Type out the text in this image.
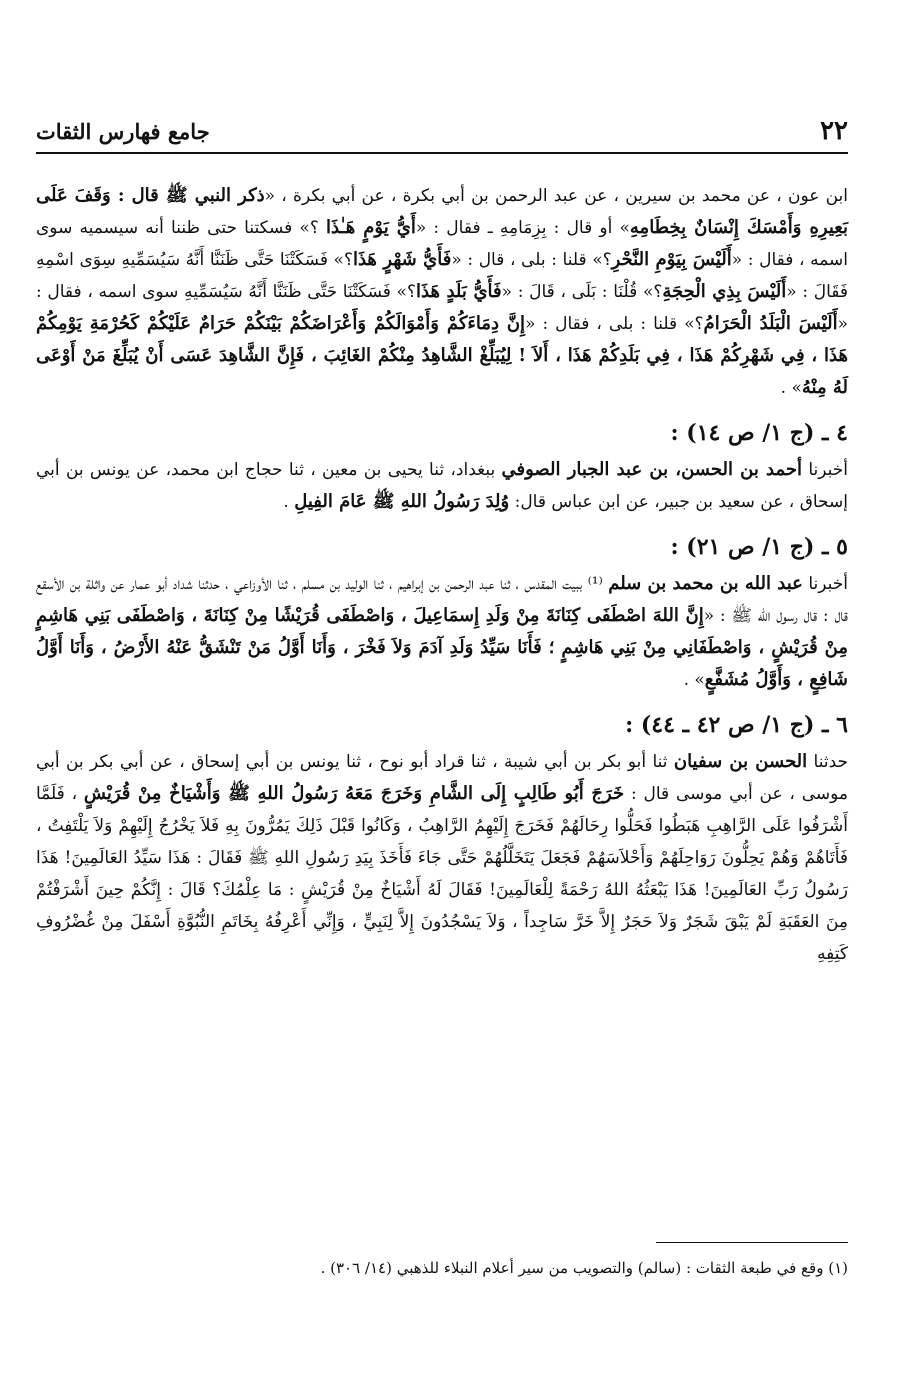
٢٢
جامع فهارس الثقات

ابن عون ، عن محمد بن سيرين ، عن عبد الرحمن بن أبي بكرة ، عن أبي بكرة ، «ذكر النبي ﷺ قال : وَقَفَ عَلَى بَعِيرِهِ وَأَمْسَكَ إِنْسَانٌ بِخِطَامِهِ» أو قال : بِزِمَامِهِ ـ فقال : «أَيُّ يَوْمٍ هَـٰذَا ؟» فسكتنا حتى ظننا أنه سيسميه سوى اسمه ، فقال : «أَلَيْسَ بِيَوْمِ النَّحْرِ؟» قلنا : بلى ، قال : «فَأَيُّ شَهْرٍ هَذَا؟» فَسَكَتْنَا حَتَّى ظَنَنَّا أَنَّهُ سَيُسَمِّيهِ سِوَى اسْمِهِ فَقَالَ : «أَلَيْسَ بِذِي الْحِجَةِ؟» قُلْنَا : بَلَى ، قَالَ : «فَأَيُّ بَلَدٍ هَذَا؟» فَسَكَتْنَا حَتَّى ظَنَنَّا أَنَّهُ سَيُسَمِّيهِ سوى اسمه ، فقال : «أَلَيْسَ الْبَلَدُ الْحَرَامُ؟» قلنا : بلى ، فقال : «إِنَّ دِمَاءَكُمْ وَأَمْوَالَكُمْ وَأَعْرَاضَكُمْ بَيْنَكُمْ حَرَامٌ عَلَيْكُمْ كَحُرْمَةِ يَوْمِكُمْ هَذَا ، فِي شَهْرِكُمْ هَذَا ، فِي بَلَدِكُمْ هَذَا ، أَلاَ ! لِيُبَلِّغْ الشَّاهِدُ مِنْكُمْ الغَائِبَ ، فَإِنَّ الشَّاهِدَ عَسَى أَنْ يُبَلِّغَ مَنْ أَوْعَى لَهُ مِنْهُ» .

٤ ـ (ج ١/ ص ١٤) :

أخبرنا أحمد بن الحسن، بن عبد الجبار الصوفي ببغداد، ثنا يحيى بن معين ، ثنا حجاج ابن محمد، عن يونس بن أبي إسحاق ، عن سعيد بن جبير، عن ابن عباس قال: وُلِدَ رَسُولُ اللهِ ﷺ عَامَ الفِيلِ .

٥ ـ (ج ١/ ص ٢١) :

أخبرنا عبد الله بن محمد بن سلم ⁽¹⁾ ببيت المقدس ، ثنا عبد الرحمن بن إبراهيم ، ثنا الوليد بن مسلم ، ثنا الأوزاعي ، حدثنا شداد أبو عمار عن واثلة بن الأسقع قال : قال رسول الله ﷺ : «إِنَّ اللهَ اصْطَفَى كِنَانَةَ مِنْ وَلَدِ إِسمَاعِيلَ ، وَاصْطَفَى قُرَيْشًا مِنْ كِنَانَةَ ، وَاصْطَفَى بَنِي هَاشِمٍ مِنْ قُرَيْشٍ ، وَاصْطَفَانِي مِنْ بَنِي هَاشِمٍ ؛ فَأَنَا سَيِّدُ وَلَدِ آدَمَ وَلاَ فَخْرَ ، وَأَنَا أَوَّلُ مَنْ تَنْشَقُّ عَنْهُ الأَرْضُ ، وَأَنَا أَوَّلُ شَافِعٍ ، وَأَوَّلُ مُشَفَّعٍ» .

٦ ـ (ج ١/ ص ٤٢ ـ ٤٤) :

حدثنا الحسن بن سفيان ثنا أبو بكر بن أبي شيبة ، ثنا قراد أبو نوح ، ثنا يونس بن أبي إسحاق ، عن أبي بكر بن أبي موسى ، عن أبي موسى قال : خَرَجَ أَبُو طَالِبٍ إِلَى الشَّامِ وَخَرَجَ مَعَهُ رَسُولُ اللهِ ﷺ وَأَشْيَاخٌ مِنْ قُرَيْشٍ ، فَلَمَّا أَشْرَفُوا عَلَى الرَّاهِبِ هَبَطُوا فَحَلُّوا رِحَالَهُمْ فَخَرَجَ إِلَيْهِمُ الرَّاهِبُ ، وَكَانُوا قَبْلَ ذَلِكَ يَمُرُّونَ بِهِ فَلاَ يَخْرُجُ إِلَيْهِمْ وَلاَ يَلْتَفِتُ ، فَأَتَاهُمْ وَهُمْ يَحِلُّونَ رَوَاحِلَهُمْ وَأَحْلاَسَهُمْ فَجَعَلَ يَتَخَلَّلُهُمْ حَتَّى جَاءَ فَأَخَذَ بِيَدِ رَسُولِ اللهِ ﷺ فَقَالَ : هَذَا سَيِّدُ العَالَمِينَ! هَذَا رَسُولُ رَبِّ العَالَمِينَ! هَذَا يَبْعَثُهُ اللهُ رَحْمَةً لِلْعَالَمِينَ! فَقَالَ لَهُ أَشْيَاخٌ مِنْ قُرَيْشٍ : مَا عِلْمُكَ؟ قَالَ : إِنَّكُمْ حِينَ أَشْرَفْتُمْ مِنَ العَقَبَةِ لَمْ يَبْقَ شَجَرٌ وَلاَ حَجَرٌ إِلاَّ خَرَّ سَاجِداً ، وَلاَ يَسْجُدُونَ إِلاَّ لِنَبِيٍّ ، وَإِنِّي أَعْرِفُهُ بِخَاتَمِ النُّبُوَّةِ أَسْفَلَ مِنْ غُضْرُوفِ كَتِفِهِ

(١) وقع في طبعة الثقات : (سالم) والتصويب من سير أعلام النبلاء للذهبي (١٤/ ٣٠٦) .
